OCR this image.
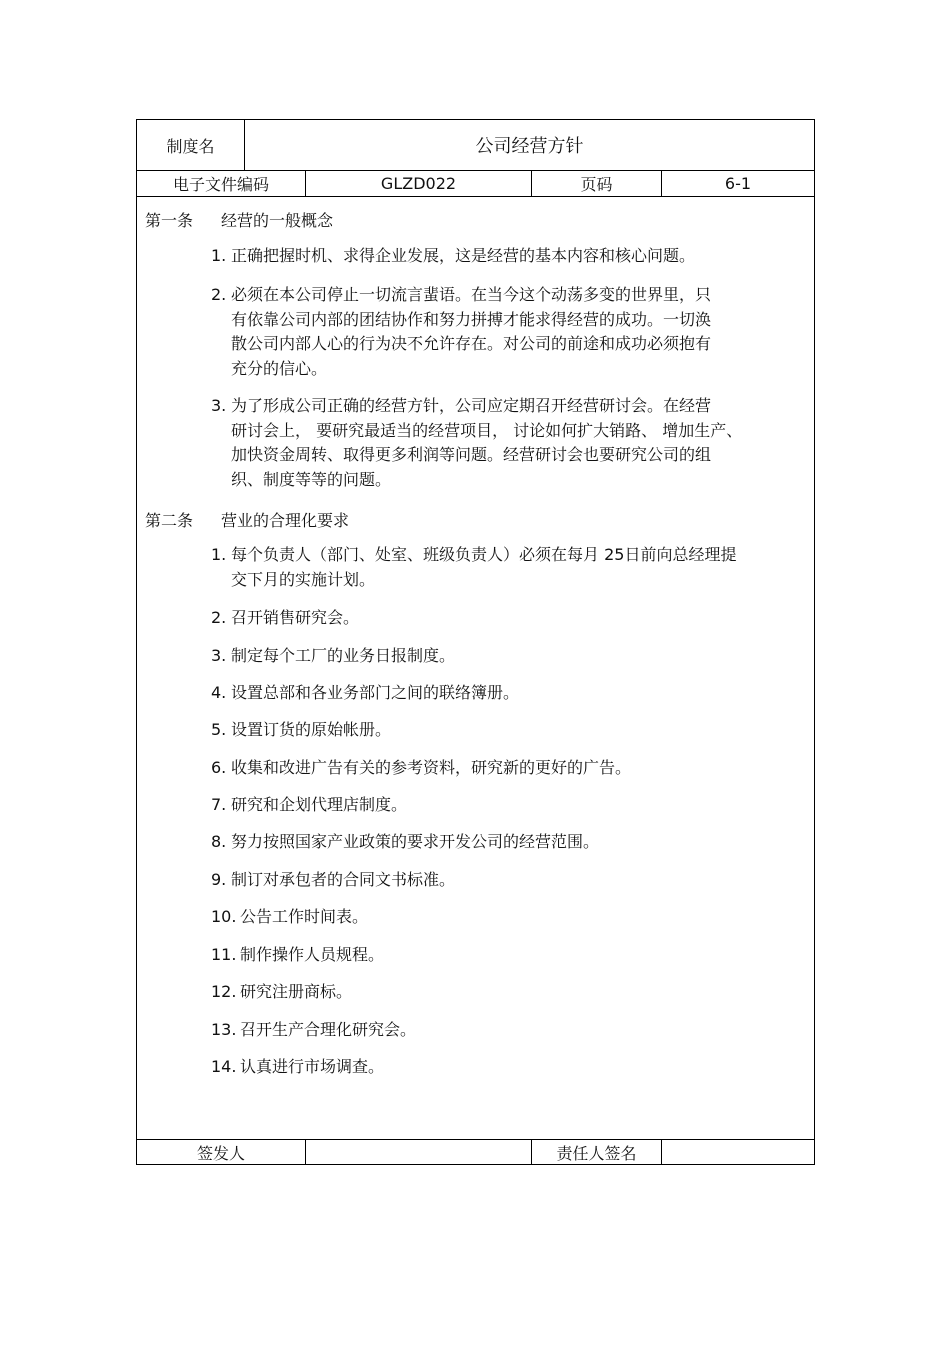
制度名	公司经营方针
电子文件编码	GLZD022	页码	6-1
第一条 经营的一般概念
1. 正确把握时机、求得企业发展，这是经营的基本内容和核心问题。
2. 必须在本公司停止一切流言蜚语。在当今这个动荡多变的世界里，只
有依靠公司内部的团结协作和努力拼搏才能求得经营的成功。一切涣
散公司内部人心的行为决不允许存在。对公司的前途和成功必须抱有
充分的信心。
3. 为了形成公司正确的经营方针，公司应定期召开经营研讨会。在经营
研讨会上， 要研究最适当的经营项目， 讨论如何扩大销路、 增加生产、
加快资金周转、取得更多利润等问题。经营研讨会也要研究公司的组
织、制度等等的问题。
第二条 营业的合理化要求
1. 每个负责人（部门、处室、班级负责人）必须在每月 25日前向总经理提
交下月的实施计划。
2. 召开销售研究会。
3. 制定每个工厂的业务日报制度。
4. 设置总部和各业务部门之间的联络簿册。
5. 设置订货的原始帐册。
6. 收集和改进广告有关的参考资料，研究新的更好的广告。
7. 研究和企划代理店制度。
8. 努力按照国家产业政策的要求开发公司的经营范围。
9. 制订对承包者的合同文书标准。
10. 公告工作时间表。
11. 制作操作人员规程。
12. 研究注册商标。
13. 召开生产合理化研究会。
14. 认真进行市场调查。
签发人	责任人签名
